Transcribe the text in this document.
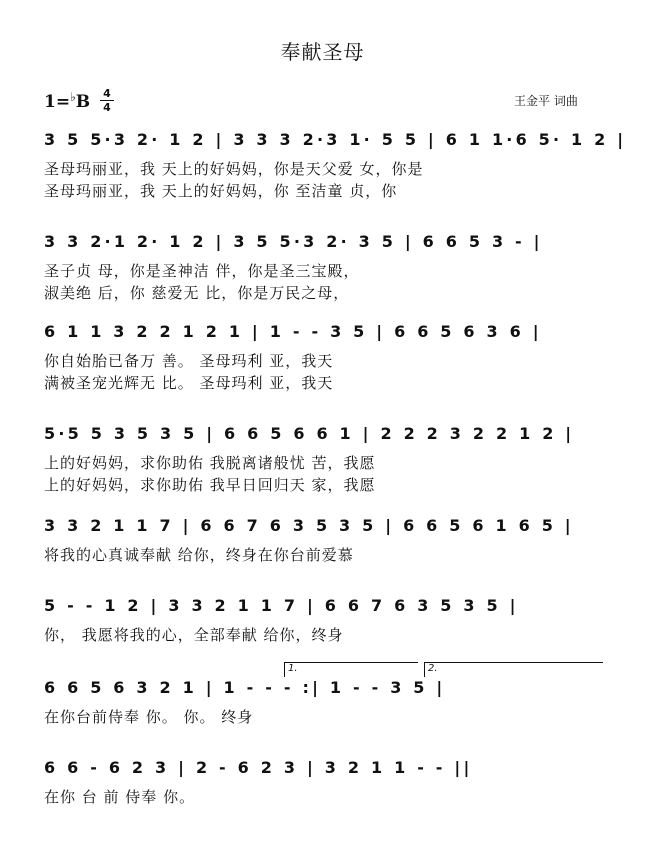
奉献圣母
1=♭B 4
4	王金平 词曲
3 5 5·3 2· 1 2 | 3 3 3 2·3 1· 5 5 | 6 1 1·6 5· 1 2 |
圣母玛丽亚，我 天上的好妈妈，你是天父爱 女，你是
圣母玛丽亚，我 天上的好妈妈，你 至洁童 贞，你
3 3 2·1 2· 1 2 | 3 5 5·3 2· 3 5 | 6 6 5 3 - |
圣子贞 母，你是圣神洁 伴，你是圣三宝殿，
淑美绝 后，你 慈爱无 比，你是万民之母，
6 1 1 3 2 2 1 2 1 | 1 - - 3 5 | 6 6 5 6 3 6 |
你自始胎已备万 善。 圣母玛利 亚，我天
满被圣宠光辉无 比。 圣母玛利 亚，我天
5·5 5 3 5 3 5 | 6 6 5 6 6 1 | 2 2 2 3 2 2 1 2 |
上的好妈妈，求你助佑 我脱离诸般忧 苦，我愿
上的好妈妈，求你助佑 我早日回归天 家，我愿
3 3 2 1 1 7 | 6 6 7 6 3 5 3 5 | 6 6 5 6 1 6 5 |
将我的心真诚奉献 给你，终身在你台前爱慕
5 - - 1 2 | 3 3 2 1 1 7 | 6 6 7 6 3 5 3 5 |
你， 我愿将我的心，全部奉献 给你，终身
6 6 5 6 3 2 1 | 1 - - - :| 1 - - 3 5 |
在你台前侍奉 你。 你。 终身
1.	2.
6 6 - 6 2 3 | 2 - 6 2 3 | 3 2 1 1 - - ||
在你 台 前 侍奉 你。
